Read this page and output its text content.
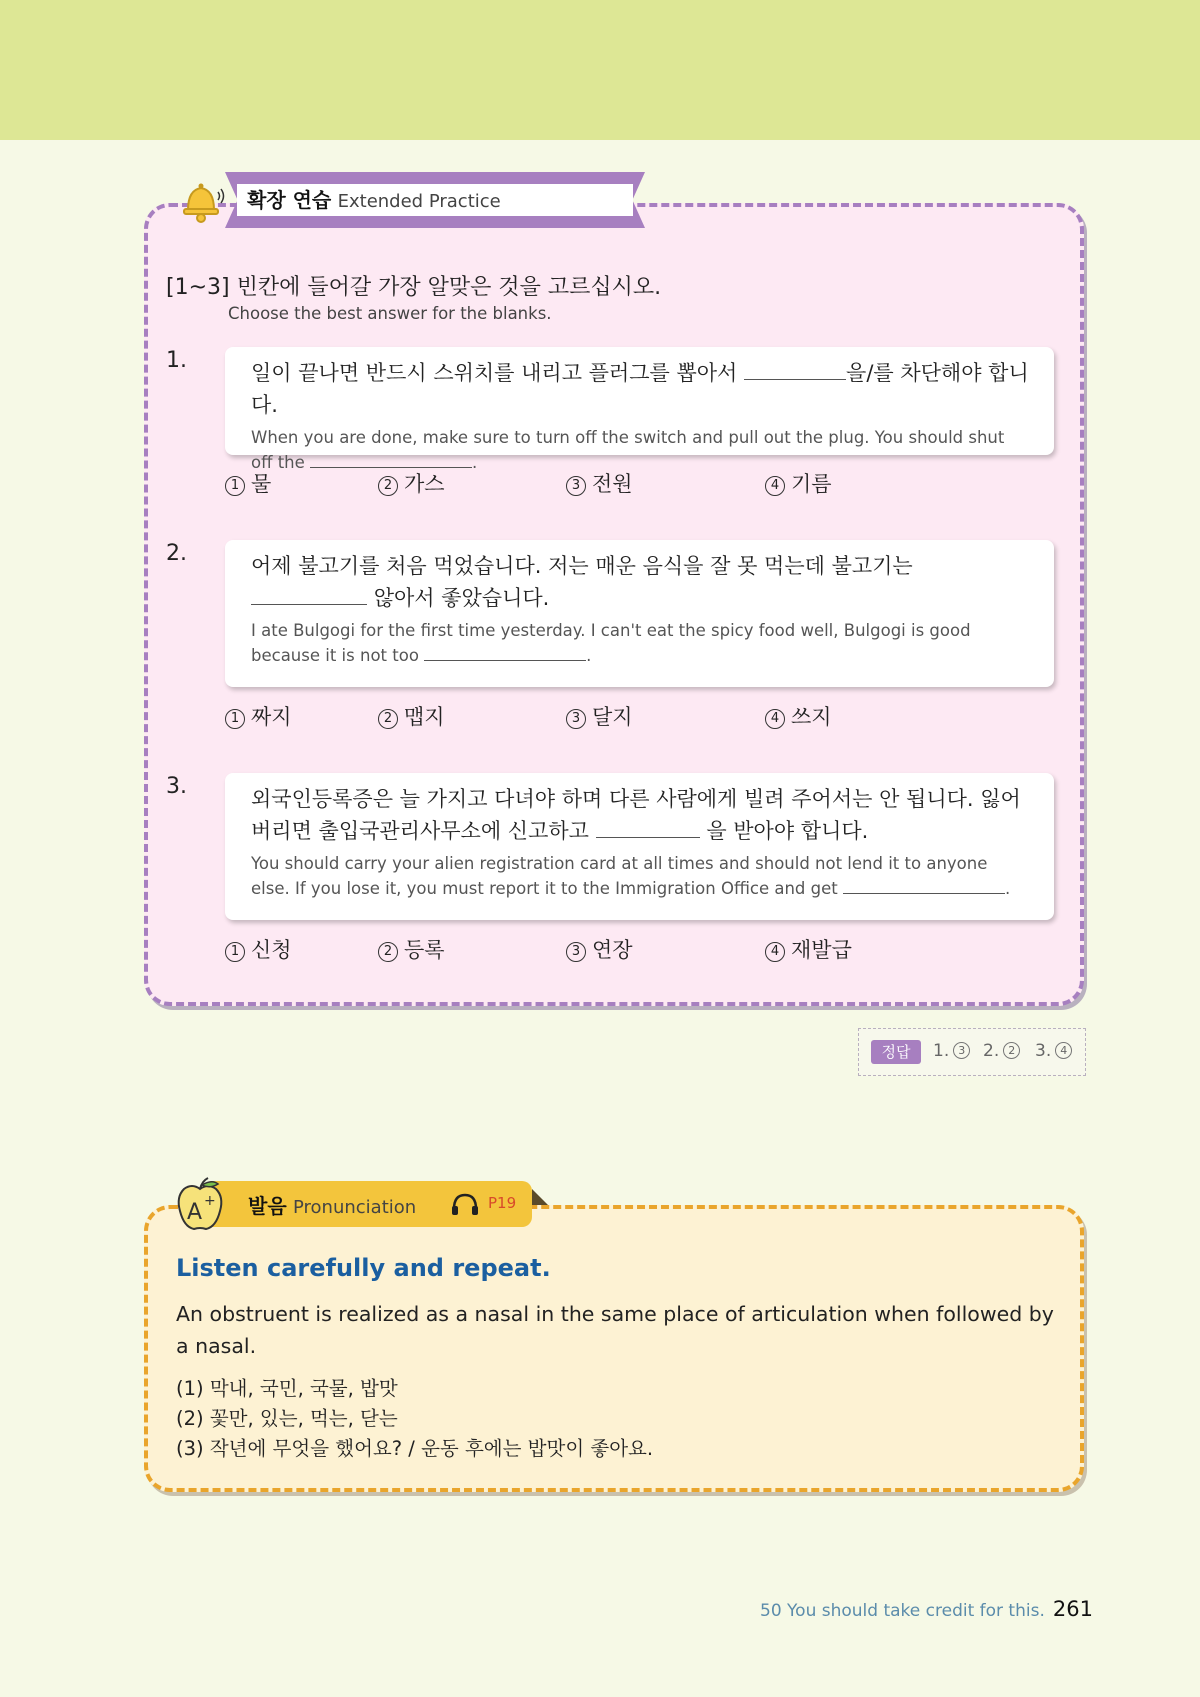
확장 연습 Extended Practice
[1~3] 빈칸에 들어갈 가장 알맞은 것을 고르십시오.
Choose the best answer for the blanks.
1.	일이 끝나면 반드시 스위치를 내리고 플러그를 뽑아서	을/를 차단해야 합니다.
When you are done, make sure to turn off the switch and pull out the plug. You should shut off the	.
1 물	2 가스	3 전원	4 기름
2.	어제 불고기를 처음 먹었습니다. 저는 매운 음식을 잘 못 먹는데 불고기는  않아서 좋았습니다.
I ate Bulgogi for the first time yesterday. I can't eat the spicy food well, Bulgogi is good because it is not too	.
1 짜지	2 맵지	3 달지	4 쓰지
3.	외국인등록증은 늘 가지고 다녀야 하며 다른 사람에게 빌려 주어서는 안 됩니다. 잃어버리면 출입국관리사무소에 신고하고	을 받아야 합니다.
You should carry your alien registration card at all times and should not lend it to anyone else. If you lose it, you must report it to the Immigration Office and get	.
1 신청	2 등록	3 연장	4 재발급
정답	1. 3 2. 2 3. 4
A + 발음 Pronunciation	P19
Listen carefully and repeat.
An obstruent is realized as a nasal in the same place of articulation when followed by a nasal.
(1) 막내, 국민, 국물, 밥맛
(2) 꽃만, 있는, 먹는, 닫는
(3) 작년에 무엇을 했어요? / 운동 후에는 밥맛이 좋아요.
50 You should take credit for this. 261
